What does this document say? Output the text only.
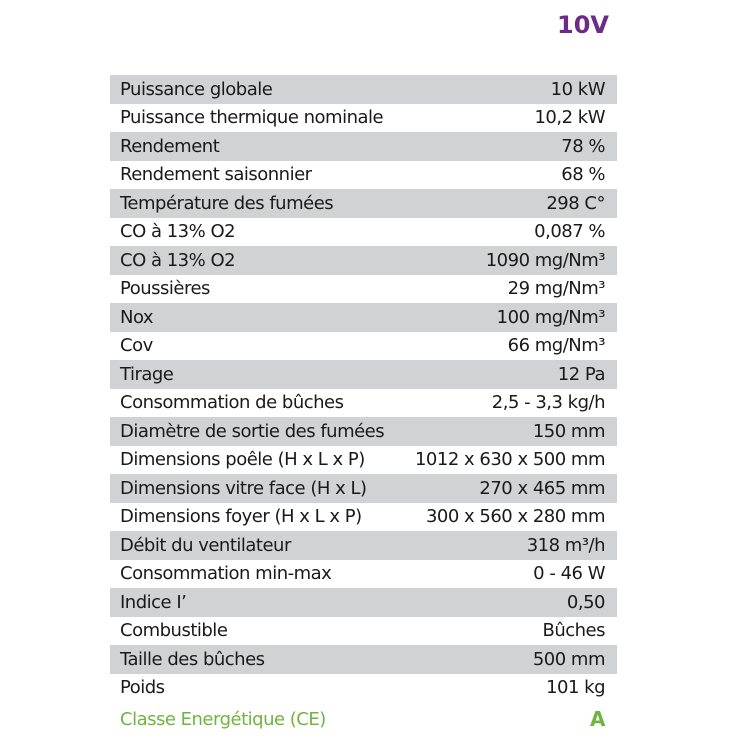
10V
Puissance globale	10 kW
Puissance thermique nominale	10,2 kW
Rendement	78 %
Rendement saisonnier	68 %
Température des fumées	298 C°
CO à 13% O2	0,087 %
CO à 13% O2	1090 mg/Nm³
Poussières	29 mg/Nm³
Nox	100 mg/Nm³
Cov	66 mg/Nm³
Tirage	12 Pa
Consommation de bûches	2,5 - 3,3 kg/h
Diamètre de sortie des fumées	150 mm
Dimensions poêle (H x L x P)	1012 x 630 x 500 mm
Dimensions vitre face (H x L)	270 x 465 mm
Dimensions foyer (H x L x P)	300 x 560 x 280 mm
Débit du ventilateur	318 m³/h
Consommation min-max	0 - 46 W
Indice I’	0,50
Combustible	Bûches
Taille des bûches	500 mm
Poids	101 kg
Classe Energétique (CE)	A
